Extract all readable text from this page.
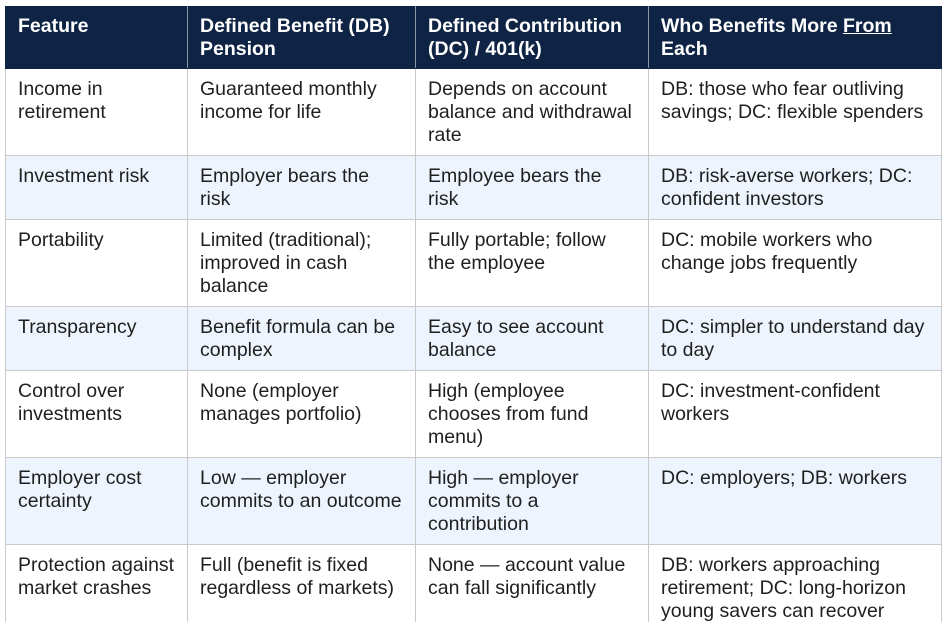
Feature	Defined Benefit (DB) Pension	Defined Contribution (DC) / 401(k)	Who Benefits More From Each
Income in retirement	Guaranteed monthly income for life	Depends on account balance and withdrawal rate	DB: those who fear outliving savings; DC: flexible spenders
Investment risk	Employer bears the risk	Employee bears the risk	DB: risk-averse workers; DC: confident investors
Portability	Limited (traditional); improved in cash balance	Fully portable; follow the employee	DC: mobile workers who change jobs frequently
Transparency	Benefit formula can be complex	Easy to see account balance	DC: simpler to understand day to day
Control over investments	None (employer manages portfolio)	High (employee chooses from fund menu)	DC: investment-confident workers
Employer cost certainty	Low — employer commits to an outcome	High — employer commits to a contribution	DC: employers; DB: workers
Protection against market crashes	Full (benefit is fixed regardless of markets)	None — account value can fall significantly	DB: workers approaching retirement; DC: long-horizon young savers can recover
